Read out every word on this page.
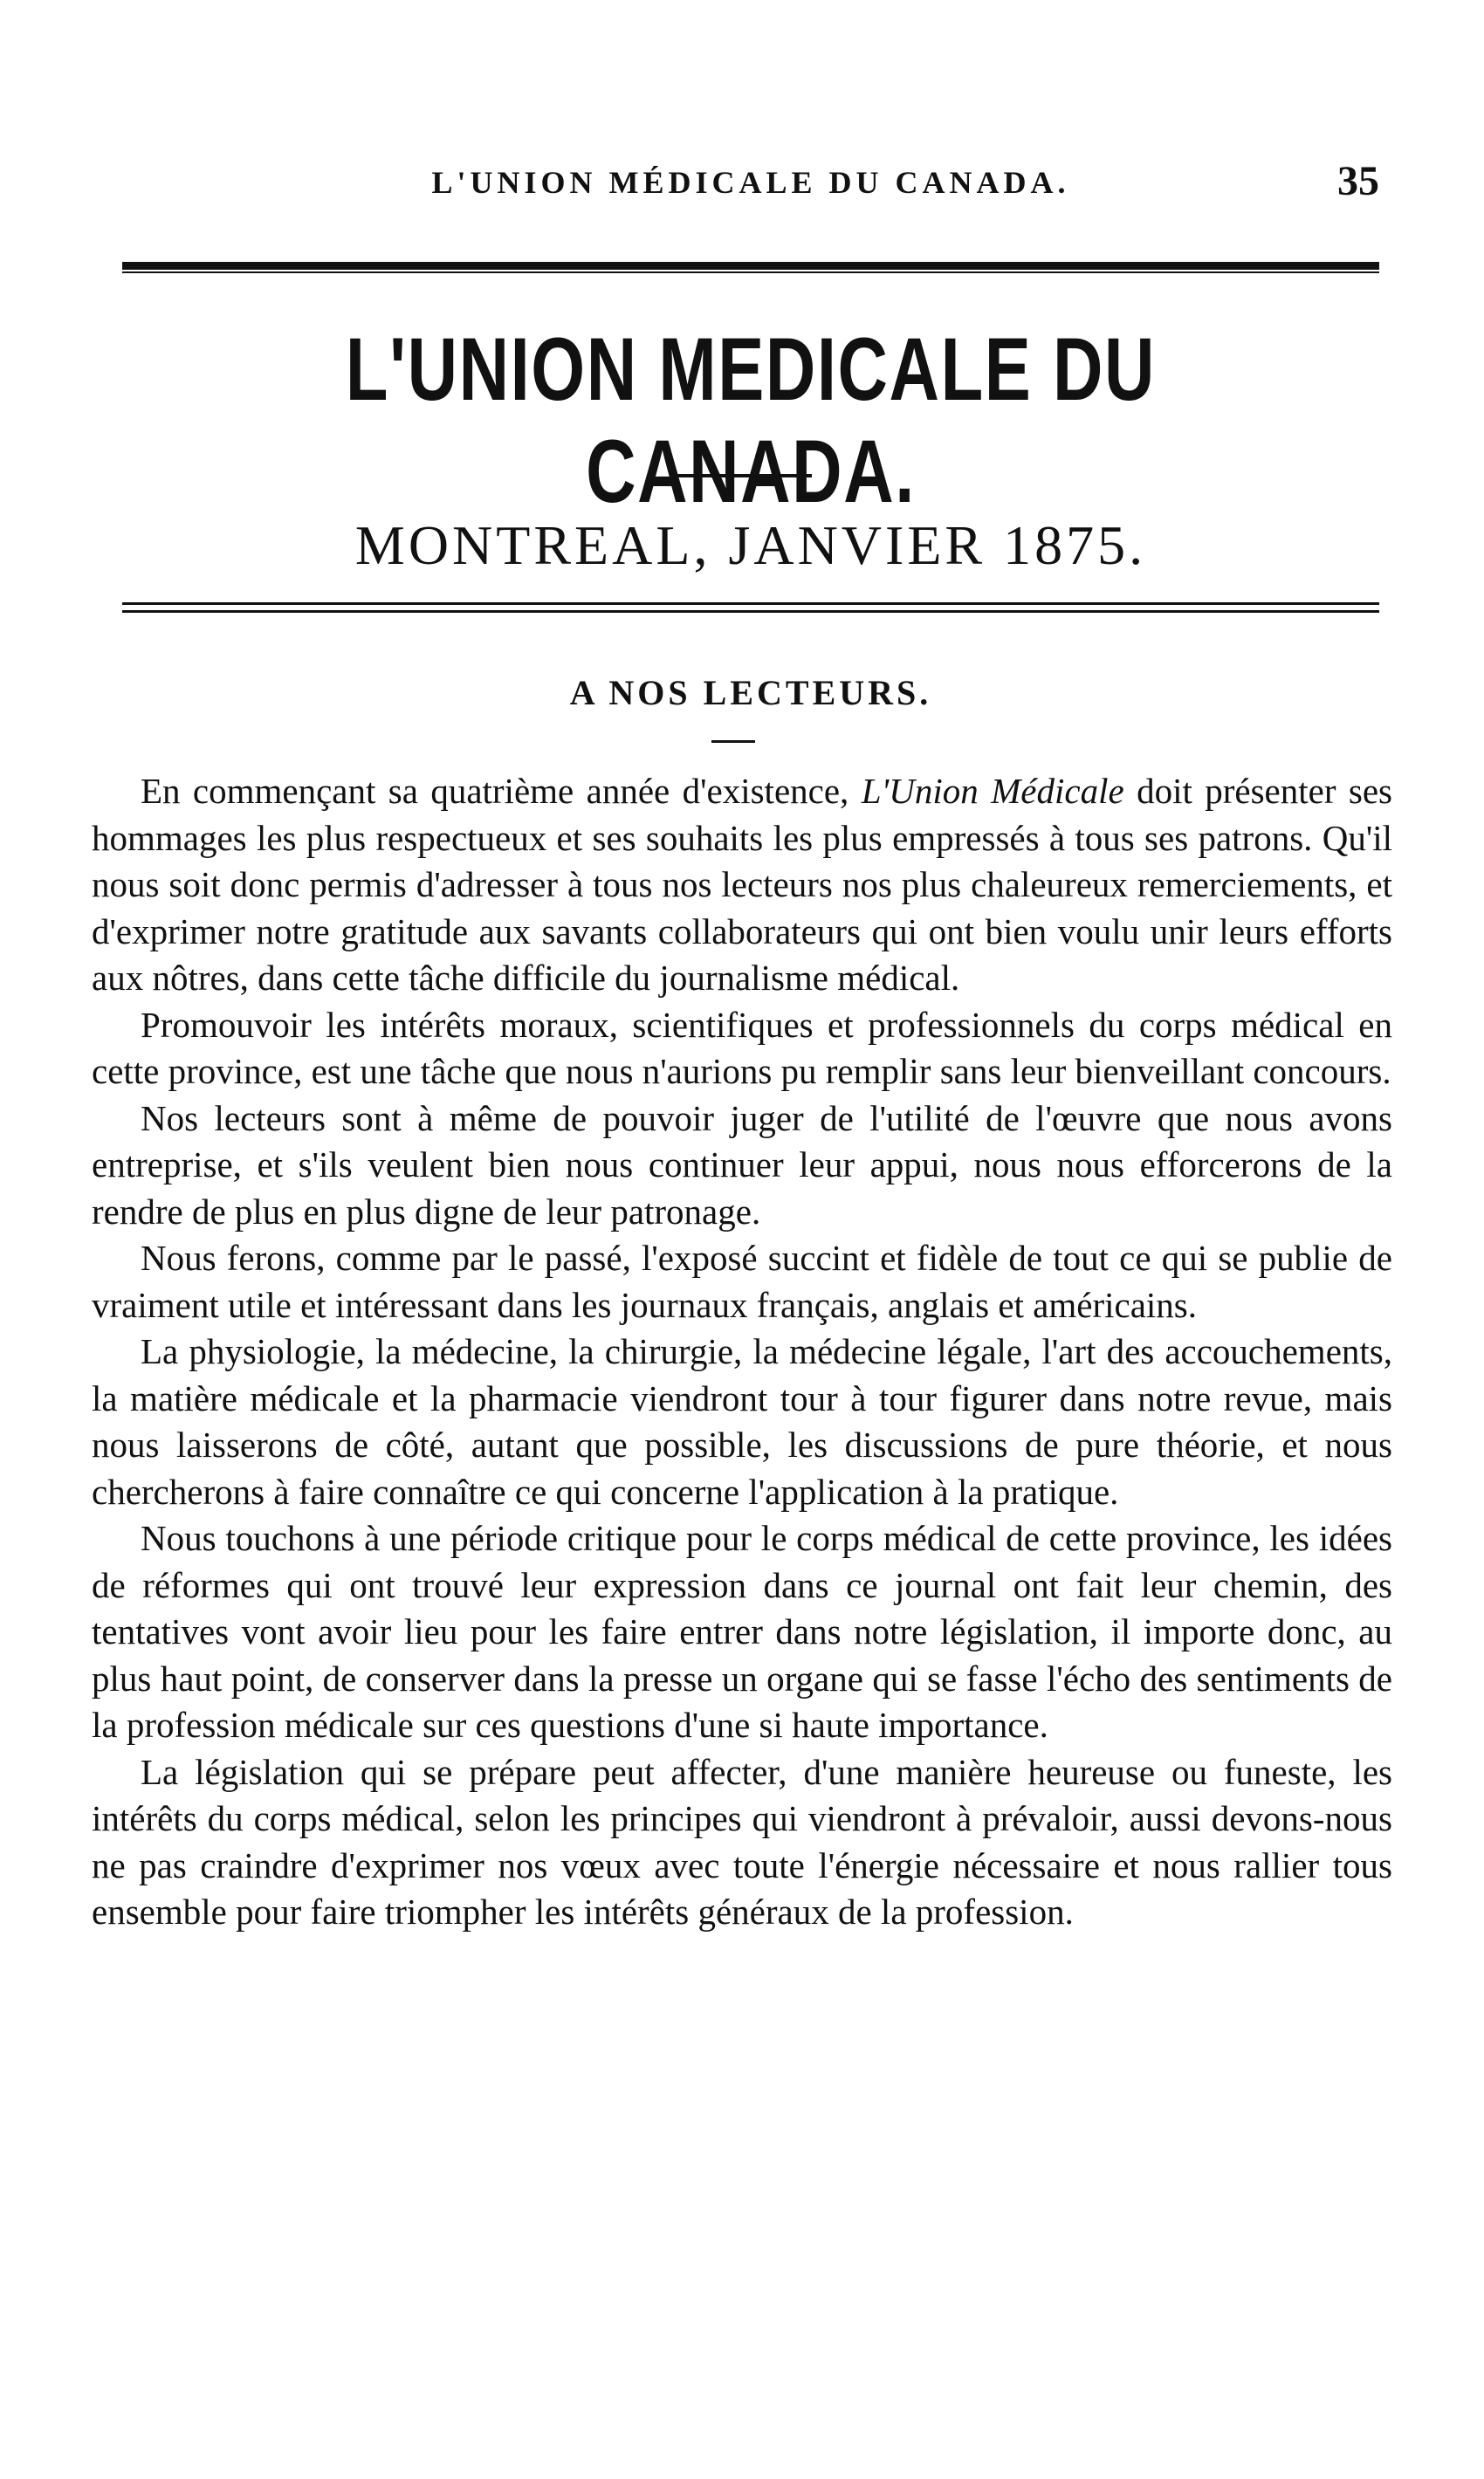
L'UNION MÉDICALE DU CANADA.	35
L'UNION MEDICALE DU CANADA.
MONTREAL, JANVIER 1875.
A NOS LECTEURS.

En commençant sa quatrième année d'existence, L'Union Médicale doit présenter ses hommages les plus respectueux et ses souhaits les plus empressés à tous ses patrons. Qu'il nous soit donc permis d'adresser à tous nos lecteurs nos plus chaleureux remerciements, et d'exprimer notre gratitude aux savants collaborateurs qui ont bien voulu unir leurs efforts aux nôtres, dans cette tâche difficile du journalisme médical.

Promouvoir les intérêts moraux, scientifiques et professionnels du corps médical en cette province, est une tâche que nous n'aurions pu remplir sans leur bienveillant concours.

Nos lecteurs sont à même de pouvoir juger de l'utilité de l'œuvre que nous avons entreprise, et s'ils veulent bien nous continuer leur appui, nous nous efforcerons de la rendre de plus en plus digne de leur patronage.

Nous ferons, comme par le passé, l'exposé succint et fidèle de tout ce qui se publie de vraiment utile et intéressant dans les journaux français, anglais et américains.

La physiologie, la médecine, la chirurgie, la médecine légale, l'art des accouchements, la matière médicale et la pharmacie viendront tour à tour figurer dans notre revue, mais nous laisserons de côté, autant que possible, les discussions de pure théorie, et nous chercherons à faire connaître ce qui concerne l'application à la pratique.

Nous touchons à une période critique pour le corps médical de cette province, les idées de réformes qui ont trouvé leur expression dans ce journal ont fait leur chemin, des tentatives vont avoir lieu pour les faire entrer dans notre législation, il importe donc, au plus haut point, de conserver dans la presse un organe qui se fasse l'écho des sentiments de la profession médicale sur ces questions d'une si haute importance.

La législation qui se prépare peut affecter, d'une manière heureuse ou funeste, les intérêts du corps médical, selon les principes qui viendront à prévaloir, aussi devons-nous ne pas craindre d'exprimer nos vœux avec toute l'énergie nécessaire et nous rallier tous ensemble pour faire triompher les intérêts généraux de la profession.
